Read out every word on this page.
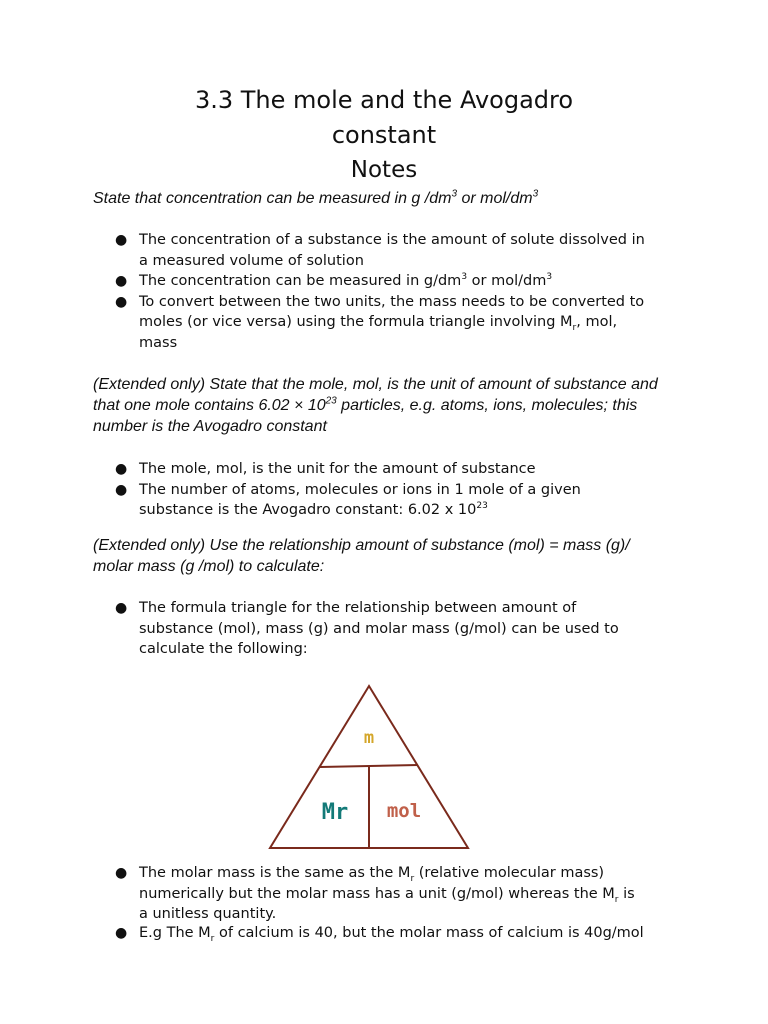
3.3 The mole and the Avogadro
constant
Notes

State that concentration can be measured in g $/dm^3$ or mol/$dm^3$

● The concentration of a substance is the amount of solute dissolved in a measured volume of solution
● The concentration can be measured in $g/dm^3$ or mol/$dm^3$
● To convert between the two units, the mass needs to be converted to moles (or vice versa) using the formula triangle involving $M_r$, mol, mass

(Extended only) State that the mole, mol, is the unit of amount of substance and that one mole contains $6.02 \times 10^{23}$ particles, e.g. atoms, ions, molecules; this number is the Avogadro constant

● The mole, mol, is the unit for the amount of substance
● The number of atoms, molecules or ions in 1 mole of a given substance is the Avogadro constant: 6.02 x $10^{23}$

(Extended only) Use the relationship amount of substance (mol) = mass (g)/ molar mass (g /mol) to calculate:

● The formula triangle for the relationship between amount of substance (mol), mass (g) and molar mass (g/mol) can be used to calculate the following:
m
Mr mol
● The molar mass is the same as the $M_r$ (relative molecular mass) numerically but the molar mass has a unit (g/mol) whereas the $M_r$ is a unitless quantity.
● E.g The $M_r$ of calcium is 40, but the molar mass of calcium is 40g/mol
